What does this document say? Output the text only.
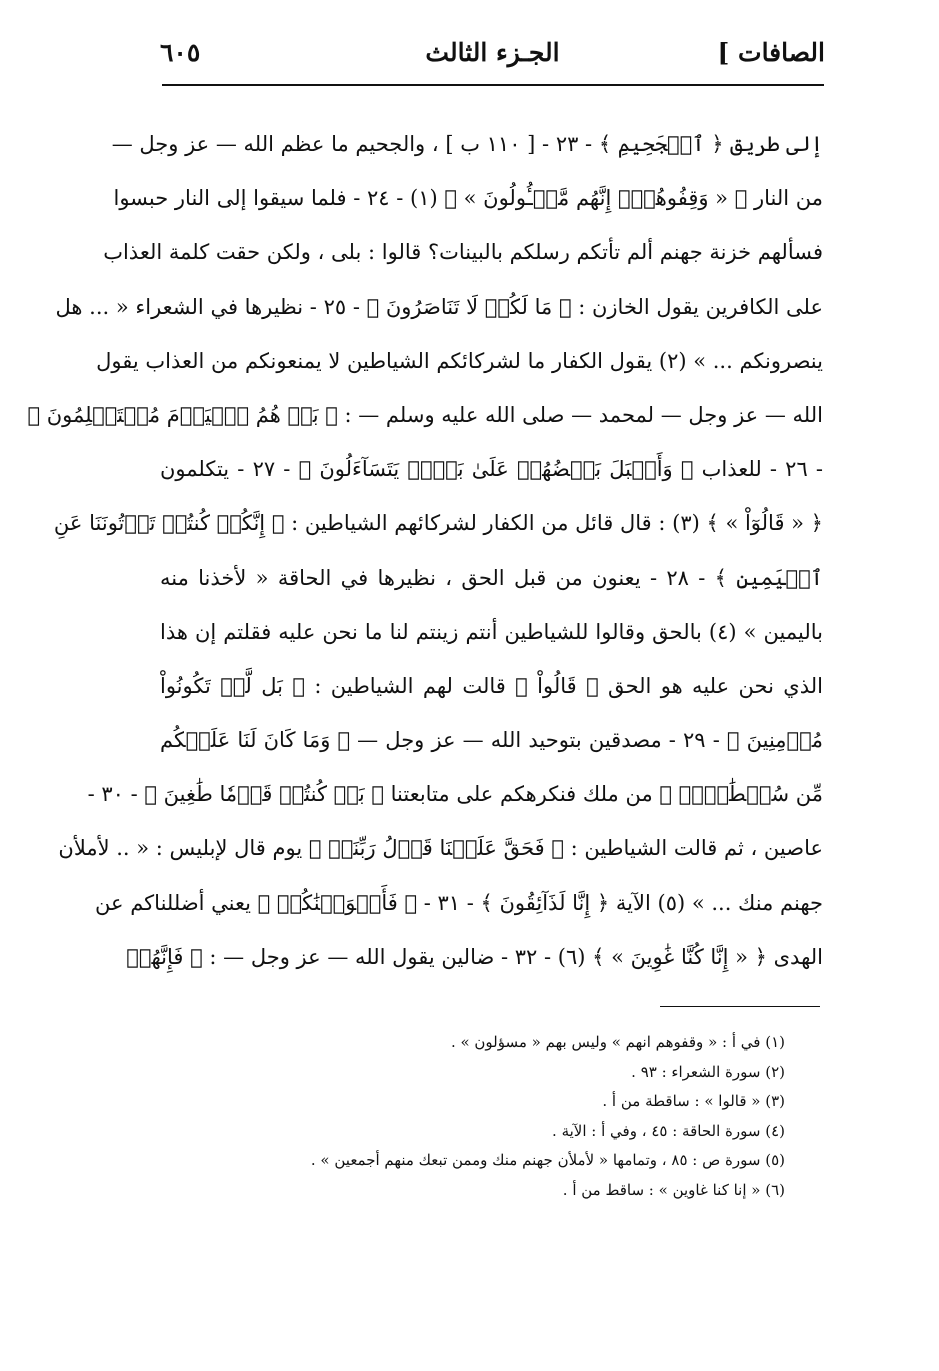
الصافات ]
الجـزء الثالث
٦٠٥
إلى طريق ﴿ ٱلۡجَحِيمِ ﴾ - ٢٣ - [ ١١٠ ب ] ، والجحيم ما عظم الله — عز وجل —
من النار ﴿ « وَقِفُوهُمۡۖ إِنَّهُم مَّسۡـُٔولُونَ » ﴾ (١) - ٢٤ - فلما سيقوا إلى النار حبسوا
فسألهم خزنة جهنم ألم تأتكم رسلكم بالبينات؟ قالوا : بلى ، ولكن حقت كلمة العذاب
على الكافرين يقول الخازن : ﴿ مَا لَكُمۡ لَا تَنَاصَرُونَ ﴾ - ٢٥ - نظيرها في الشعراء « ... هل
ينصرونكم ... » (٢) يقول الكفار ما لشركائكم الشياطين لا يمنعونكم من العذاب يقول
الله — عز وجل — لمحمد — صلى الله عليه وسلم — : ﴿ بَلۡ هُمُ ٱلۡيَوۡمَ مُسۡتَسۡلِمُونَ ﴾
- ٢٦ - للعذاب ﴿ وَأَقۡبَلَ بَعۡضُهُمۡ عَلَىٰ بَعۡضٖ يَتَسَآءَلُونَ ﴾ - ٢٧ - يتكلمون
﴿ « قَالُوٓاْ » ﴾ (٣) : قال قائل من الكفار لشركائهم الشياطين : ﴿ إِنَّكُمۡ كُنتُمۡ تَأۡتُونَنَا عَنِ
ٱلۡيَمِينِ ﴾ - ٢٨ - يعنون من قبل الحق ، نظيرها في الحاقة « لأخذنا منه
باليمين » (٤) بالحق وقالوا للشياطين أنتم زينتم لنا ما نحن عليه فقلتم إن هذا
الذي نحن عليه هو الحق ﴿ قَالُواْ ﴾ قالت لهم الشياطين : ﴿ بَل لَّمۡ تَكُونُواْ
مُؤۡمِنِينَ ﴾ - ٢٩ - مصدقين بتوحيد الله — عز وجل — ﴿ وَمَا كَانَ لَنَا عَلَيۡكُم
مِّن سُلۡطَٰنِۭۖ ﴾ من ملك فنكرهكم على متابعتنا ﴿ بَلۡ كُنتُمۡ قَوۡمٗا طَٰغِينَ ﴾ - ٣٠ -
عاصين ، ثم قالت الشياطين : ﴿ فَحَقَّ عَلَيۡنَا قَوۡلُ رَبِّنَآۖ ﴾ يوم قال لإبليس : « .. لأملأن
جهنم منك ... » (٥) الآية ﴿ إِنَّا لَذَآئِقُونَ ﴾ - ٣١ - ﴿ فَأَغۡوَيۡنَٰكُمۡ ﴾ يعني أضللناكم عن
الهدى ﴿ « إِنَّا كُنَّا غَٰوِينَ » ﴾ (٦) - ٣٢ - ضالين يقول الله — عز وجل — : ﴿ فَإِنَّهُمۡ
(١) في أ : « وقفوهم انهم » وليس بهم « مسؤلون » .
(٢) سورة الشعراء : ٩٣ .
(٣) « قالوا » : ساقطة من أ .
(٤) سورة الحاقة : ٤٥ ، وفي أ : الآية .
(٥) سورة ص : ٨٥ ، وتمامها « لأملأن جهنم منك وممن تبعك منهم أجمعين » .
(٦) « إنا كنا غاوين » : ساقط من أ .
